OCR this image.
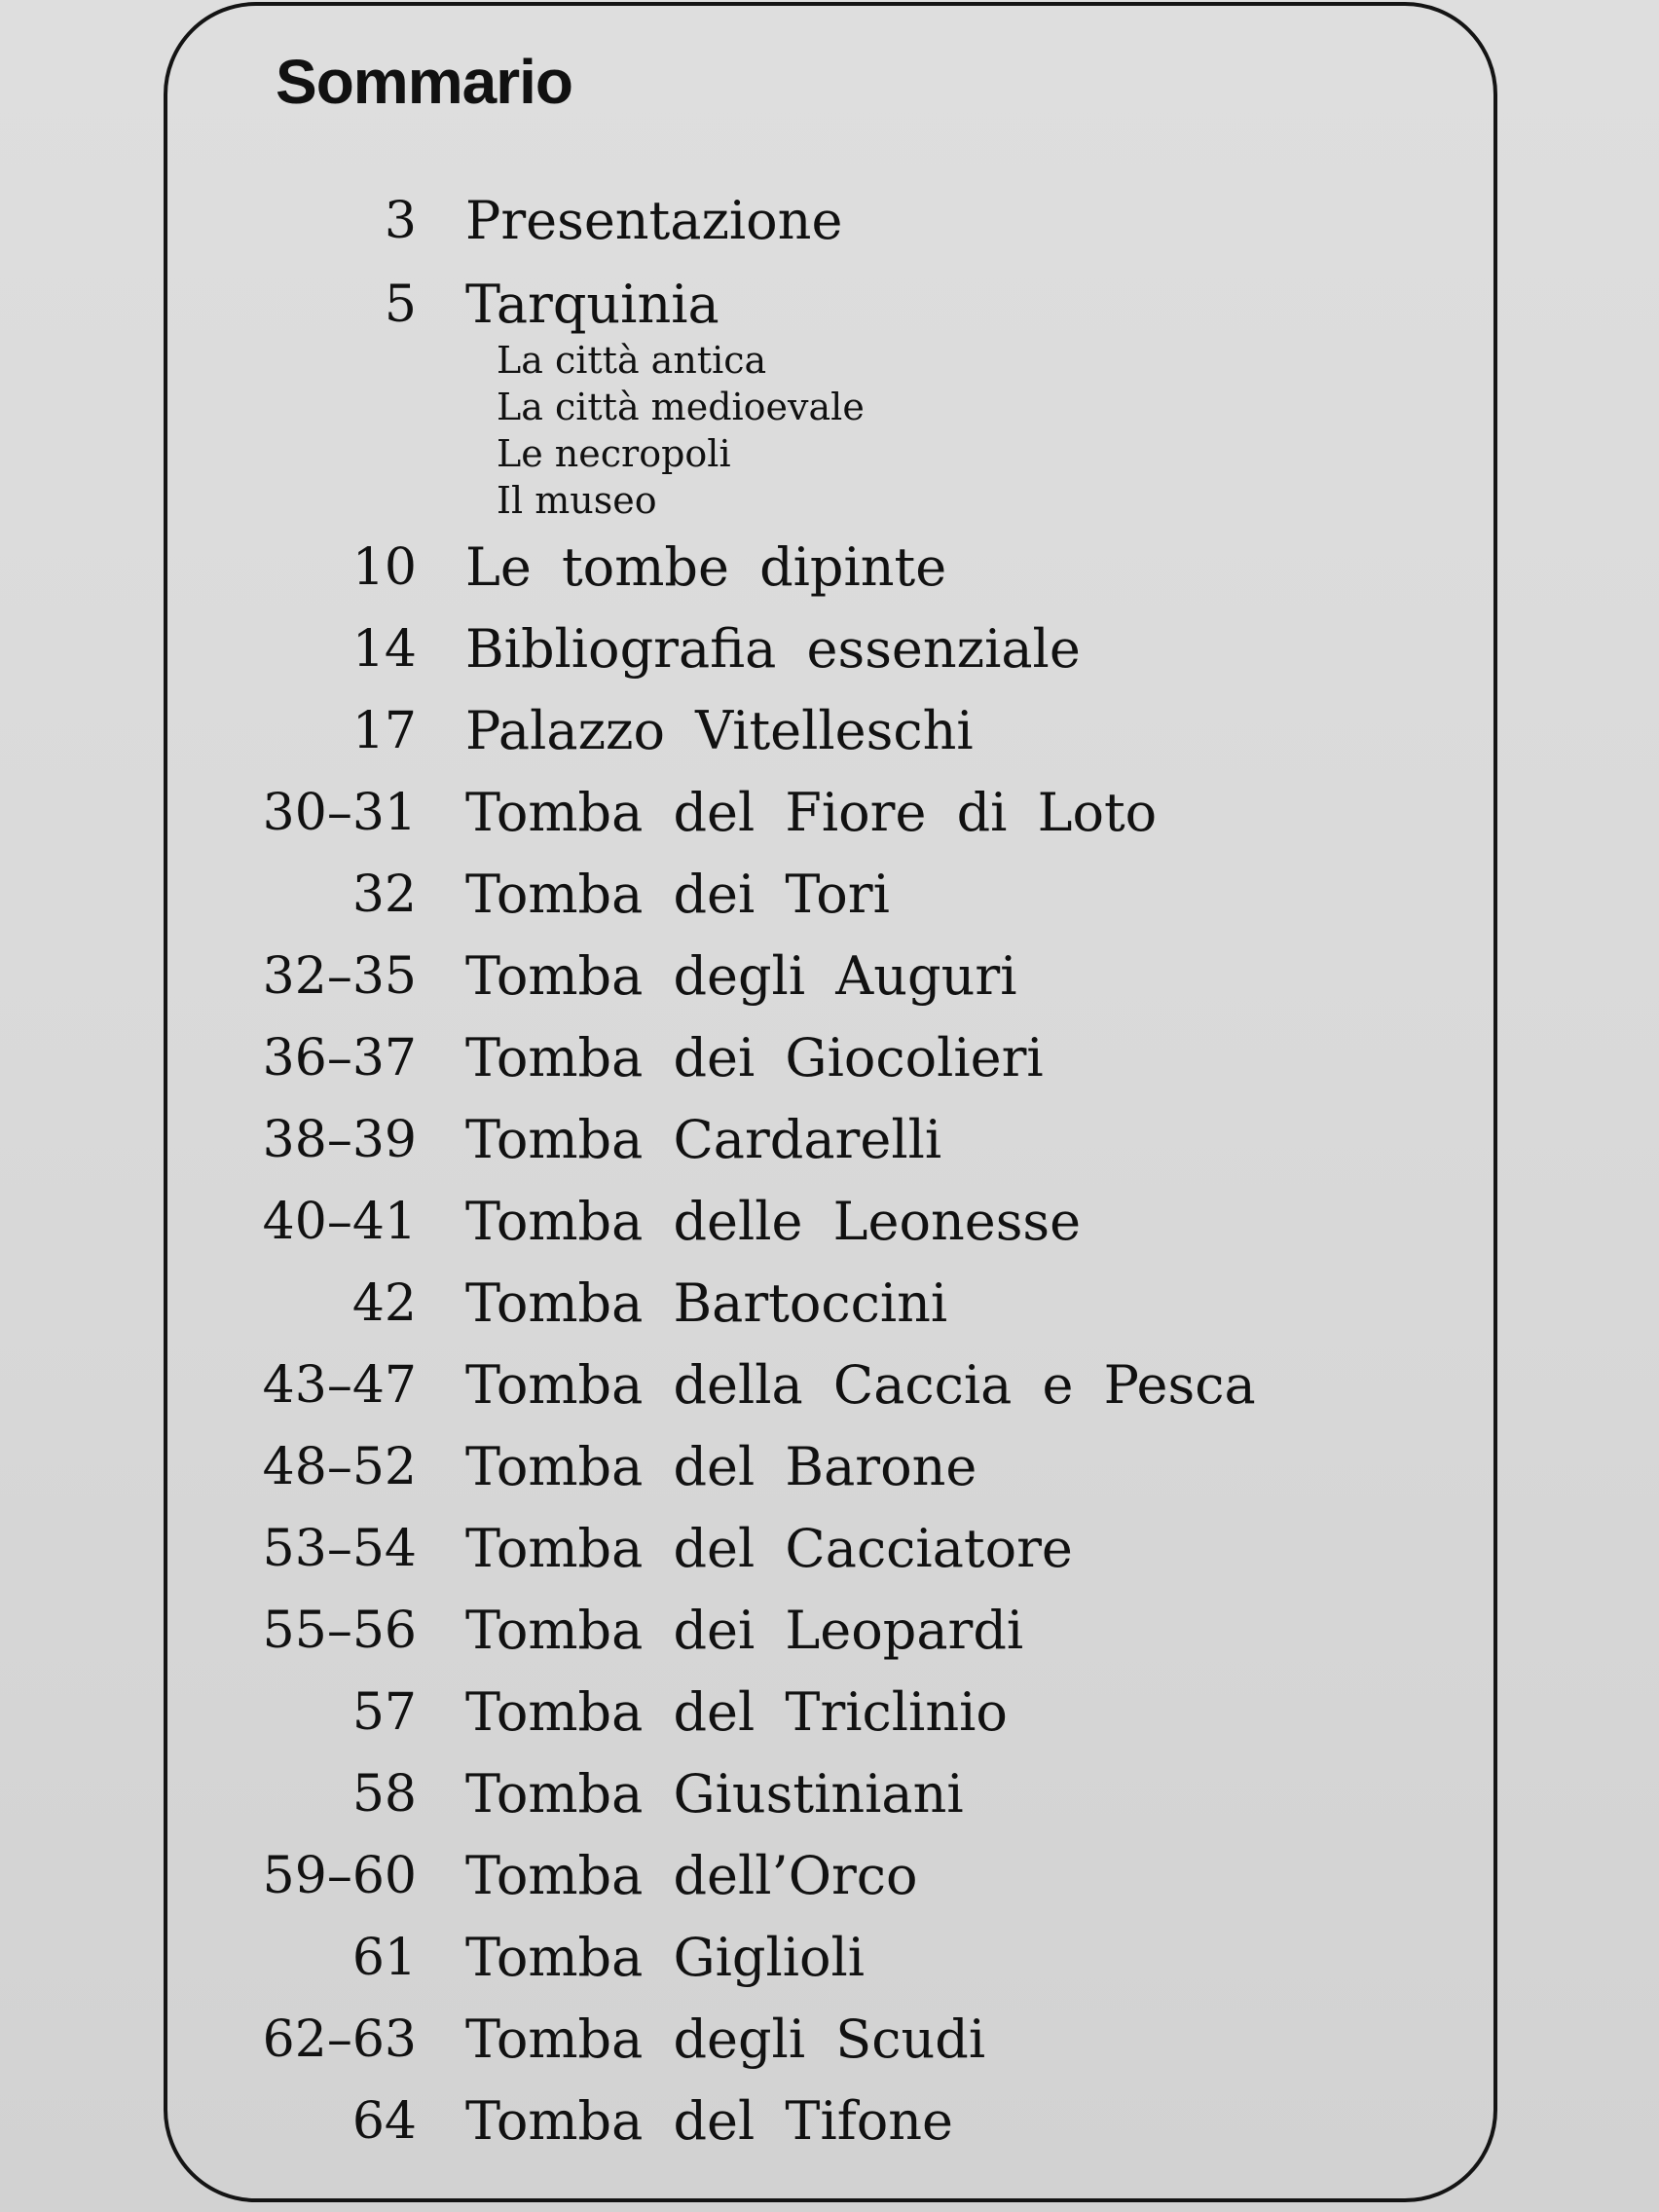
Sommario
3 Presentazione
5 Tarquinia
La città antica
La città medioevale
Le necropoli
Il museo
10 Le tombe dipinte
14 Bibliografia essenziale
17 Palazzo Vitelleschi
30–31 Tomba del Fiore di Loto
32 Tomba dei Tori
32–35 Tomba degli Auguri
36–37 Tomba dei Giocolieri
38–39 Tomba Cardarelli
40–41 Tomba delle Leonesse
42 Tomba Bartoccini
43–47 Tomba della Caccia e Pesca
48–52 Tomba del Barone
53–54 Tomba del Cacciatore
55–56 Tomba dei Leopardi
57 Tomba del Triclinio
58 Tomba Giustiniani
59–60 Tomba dell’Orco
61 Tomba Giglioli
62–63 Tomba degli Scudi
64 Tomba del Tifone
